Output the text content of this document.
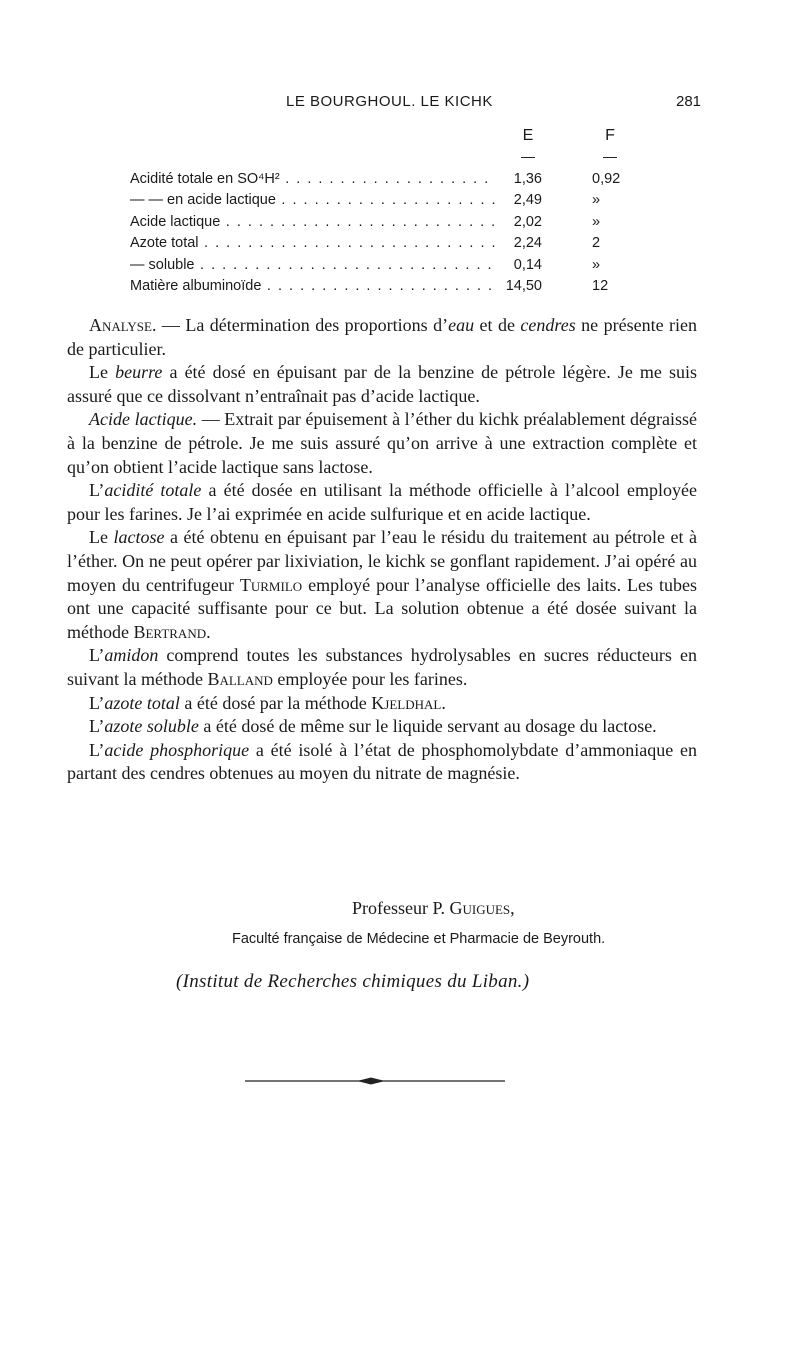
LE BOURGHOUL. LE KICHK	281
E	F
Acidité totale en SO⁴H² . . .	1,36	0,92
— — en acide lactique . . .	2,49	»
Acide lactique . . .	2,02	»
Azote total . . .	2,24	2
— soluble . . .	0,14	»
Matière albuminoïde . . .	14,50	12

Analyse. — La détermination des proportions d’eau et de cendres ne présente rien de particulier.

Le beurre a été dosé en épuisant par de la benzine de pétrole légère. Je me suis assuré que ce dissolvant n’entraînait pas d’acide lactique.

Acide lactique. — Extrait par épuisement à l’éther du kichk préalablement dégraissé à la benzine de pétrole. Je me suis assuré qu’on arrive à une extraction complète et qu’on obtient l’acide lactique sans lactose.

L’acidité totale a été dosée en utilisant la méthode officielle à l’alcool employée pour les farines. Je l’ai exprimée en acide sulfurique et en acide lactique.

Le lactose a été obtenu en épuisant par l’eau le résidu du traitement au pétrole et à l’éther. On ne peut opérer par lixiviation, le kichk se gonflant rapidement. J’ai opéré au moyen du centrifugeur Turmilo employé pour l’analyse officielle des laits. Les tubes ont une capacité suffisante pour ce but. La solution obtenue a été dosée suivant la méthode Bertrand.

L’amidon comprend toutes les substances hydrolysables en sucres réducteurs en suivant la méthode Balland employée pour les farines.

L’azote total a été dosé par la méthode Kjeldhal.

L’azote soluble a été dosé de même sur le liquide servant au dosage du lactose.

L’acide phosphorique a été isolé à l’état de phosphomolybdate d’ammoniaque en partant des cendres obtenues au moyen du nitrate de magnésie.

Professeur P. Guigues,
Faculté française de Médecine et Pharmacie de Beyrouth.
(Institut de Recherches chimiques du Liban.)
